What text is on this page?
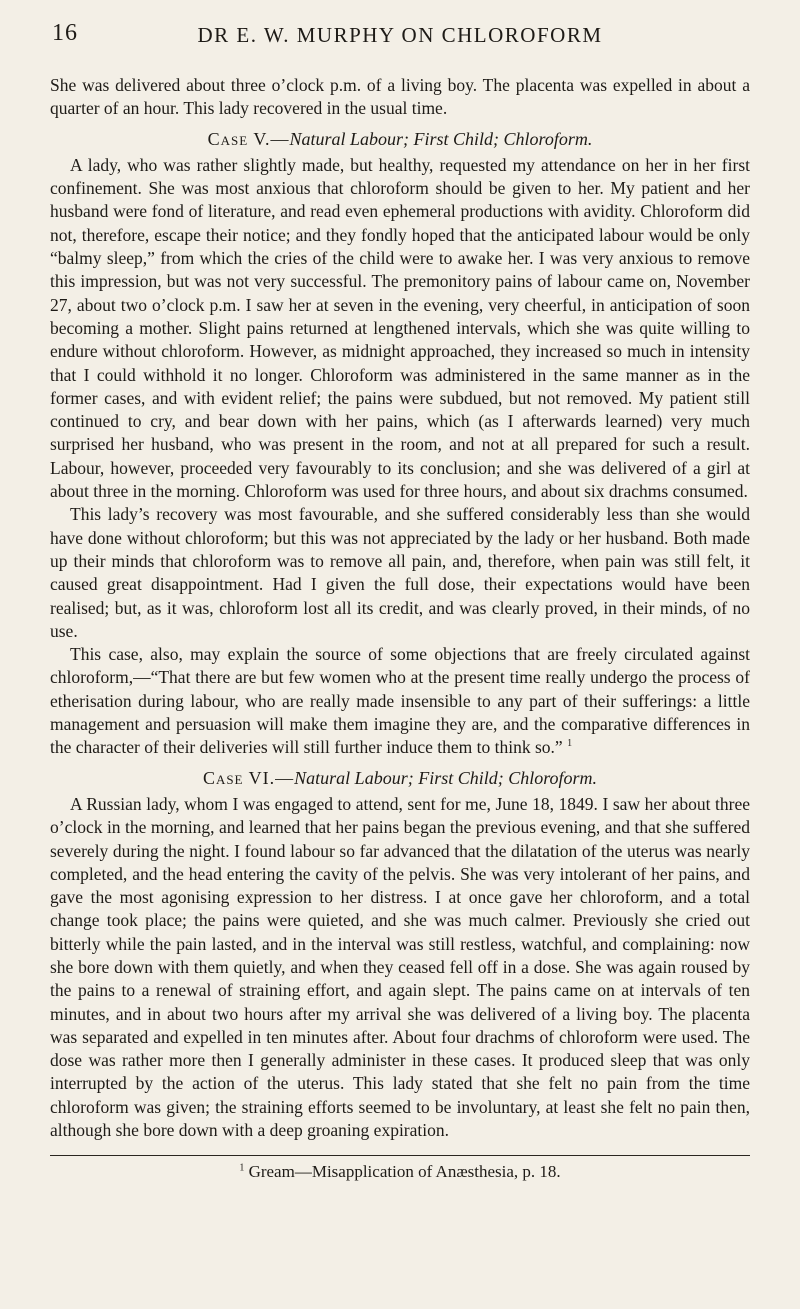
16	DR E. W. MURPHY ON CHLOROFORM

She was delivered about three o’clock p.m. of a living boy. The placenta was expelled in about a quarter of an hour. This lady recovered in the usual time.

Case V.—Natural Labour; First Child; Chloroform.

A lady, who was rather slightly made, but healthy, requested my attendance on her in her first confinement. She was most anxious that chloroform should be given to her. My patient and her husband were fond of literature, and read even ephemeral productions with avidity. Chloroform did not, therefore, escape their notice; and they fondly hoped that the anticipated labour would be only “balmy sleep,” from which the cries of the child were to awake her. I was very anxious to remove this impression, but was not very successful. The premonitory pains of labour came on, November 27, about two o’clock p.m. I saw her at seven in the evening, very cheerful, in anticipation of soon becoming a mother. Slight pains returned at lengthened intervals, which she was quite willing to endure without chloroform. However, as midnight approached, they increased so much in intensity that I could withhold it no longer. Chloroform was administered in the same manner as in the former cases, and with evident relief; the pains were subdued, but not removed. My patient still continued to cry, and bear down with her pains, which (as I afterwards learned) very much surprised her husband, who was present in the room, and not at all prepared for such a result. Labour, however, proceeded very favourably to its conclusion; and she was delivered of a girl at about three in the morning. Chloroform was used for three hours, and about six drachms consumed.

This lady’s recovery was most favourable, and she suffered considerably less than she would have done without chloroform; but this was not appreciated by the lady or her husband. Both made up their minds that chloroform was to remove all pain, and, therefore, when pain was still felt, it caused great disappointment. Had I given the full dose, their expectations would have been realised; but, as it was, chloroform lost all its credit, and was clearly proved, in their minds, of no use.

This case, also, may explain the source of some objections that are freely circulated against chloroform,—“That there are but few women who at the present time really undergo the process of etherisation during labour, who are really made insensible to any part of their sufferings: a little management and persuasion will make them imagine they are, and the comparative differences in the character of their deliveries will still further induce them to think so.” $^1$

Case VI.—Natural Labour; First Child; Chloroform.

A Russian lady, whom I was engaged to attend, sent for me, June 18, 1849. I saw her about three o’clock in the morning, and learned that her pains began the previous evening, and that she suffered severely during the night. I found labour so far advanced that the dilatation of the uterus was nearly completed, and the head entering the cavity of the pelvis. She was very intolerant of her pains, and gave the most agonising expression to her distress. I at once gave her chloroform, and a total change took place; the pains were quieted, and she was much calmer. Previously she cried out bitterly while the pain lasted, and in the interval was still restless, watchful, and complaining: now she bore down with them quietly, and when they ceased fell off in a dose. She was again roused by the pains to a renewal of straining effort, and again slept. The pains came on at intervals of ten minutes, and in about two hours after my arrival she was delivered of a living boy. The placenta was separated and expelled in ten minutes after. About four drachms of chloroform were used. The dose was rather more then I generally administer in these cases. It produced sleep that was only interrupted by the action of the uterus. This lady stated that she felt no pain from the time chloroform was given; the straining efforts seemed to be involuntary, at least she felt no pain then, although she bore down with a deep groaning expiration.

$^1$ Gream—Misapplication of Anæsthesia, p. 18.
